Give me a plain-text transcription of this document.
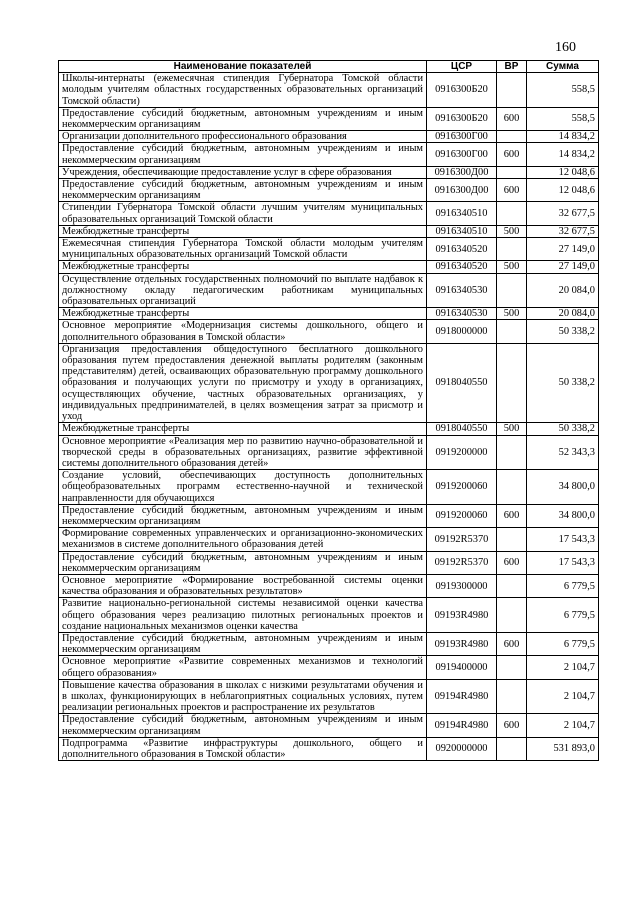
160
Наименование показателей	ЦСР	ВР	Сумма
Школы-интернаты (ежемесячная стипендия Губернатора Томской области молодым учителям областных государственных образовательных организаций Томской области)	0916300Б20		558,5
Предоставление субсидий бюджетным, автономным учреждениям и иным некоммерческим организациям	0916300Б20	600	558,5
Организации дополнительного профессионального образования	0916300Г00		14 834,2
Предоставление субсидий бюджетным, автономным учреждениям и иным некоммерческим организациям	0916300Г00	600	14 834,2
Учреждения, обеспечивающие предоставление услуг в сфере образования	0916300Д00		12 048,6
Предоставление субсидий бюджетным, автономным учреждениям и иным некоммерческим организациям	0916300Д00	600	12 048,6
Стипендии Губернатора Томской области лучшим учителям муниципальных образовательных организаций Томской области	0916340510		32 677,5
Межбюджетные трансферты	0916340510	500	32 677,5
Ежемесячная стипендия Губернатора Томской области молодым учителям муниципальных образовательных организаций Томской области	0916340520		27 149,0
Межбюджетные трансферты	0916340520	500	27 149,0
Осуществление отдельных государственных полномочий по выплате надбавок к должностному окладу педагогическим работникам муниципальных образовательных организаций	0916340530		20 084,0
Межбюджетные трансферты	0916340530	500	20 084,0
Основное мероприятие «Модернизация системы дошкольного, общего и дополнительного образования в Томской области»	0918000000		50 338,2
Организация предоставления общедоступного бесплатного дошкольного образования путем предоставления денежной выплаты родителям (законным представителям) детей, осваивающих образовательную программу дошкольного образования и получающих услуги по присмотру и уходу в организациях, осуществляющих обучение, частных образовательных организациях, у индивидуальных предпринимателей, в целях возмещения затрат за присмотр и уход	0918040550		50 338,2
Межбюджетные трансферты	0918040550	500	50 338,2
Основное мероприятие «Реализация мер по развитию научно-образовательной и творческой среды в образовательных организациях, развитие эффективной системы дополнительного образования детей»	0919200000		52 343,3
Создание условий, обеспечивающих доступность дополнительных общеобразовательных программ естественно-научной и технической направленности для обучающихся	0919200060		34 800,0
Предоставление субсидий бюджетным, автономным учреждениям и иным некоммерческим организациям	0919200060	600	34 800,0
Формирование современных управленческих и организационно-экономических механизмов в системе дополнительного образования детей	09192R5370		17 543,3
Предоставление субсидий бюджетным, автономным учреждениям и иным некоммерческим организациям	09192R5370	600	17 543,3
Основное мероприятие «Формирование востребованной системы оценки качества образования и образовательных результатов»	0919300000		6 779,5
Развитие национально-региональной системы независимой оценки качества общего образования через реализацию пилотных региональных проектов и создание национальных механизмов оценки качества	09193R4980		6 779,5
Предоставление субсидий бюджетным, автономным учреждениям и иным некоммерческим организациям	09193R4980	600	6 779,5
Основное мероприятие «Развитие современных механизмов и технологий общего образования»	0919400000		2 104,7
Повышение качества образования в школах с низкими результатами обучения и в школах, функционирующих в неблагоприятных социальных условиях, путем реализации региональных проектов и распространение их результатов	09194R4980		2 104,7
Предоставление субсидий бюджетным, автономным учреждениям и иным некоммерческим организациям	09194R4980	600	2 104,7
Подпрограмма «Развитие инфраструктуры дошкольного, общего и дополнительного образования в Томской области»	0920000000		531 893,0
